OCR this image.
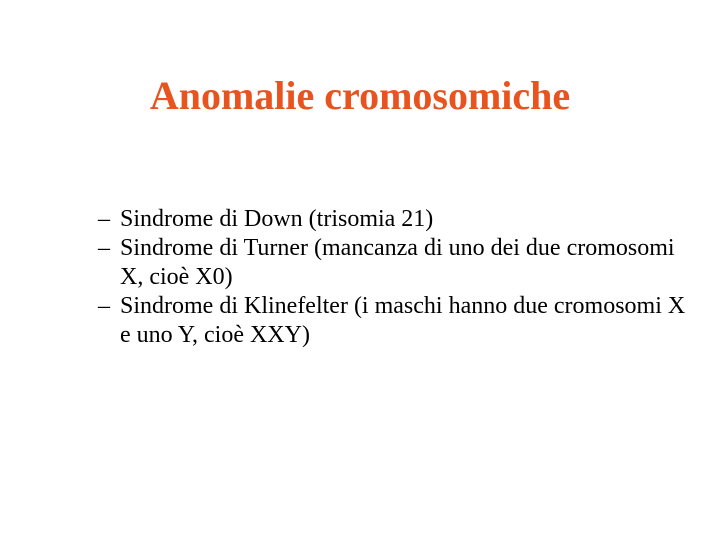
Anomalie cromosomiche
– Sindrome di Down (trisomia 21)
– Sindrome di Turner (mancanza di uno dei due cromosomi X, cioè X0)
– Sindrome di Klinefelter (i maschi hanno due cromosomi X e uno Y, cioè XXY)
